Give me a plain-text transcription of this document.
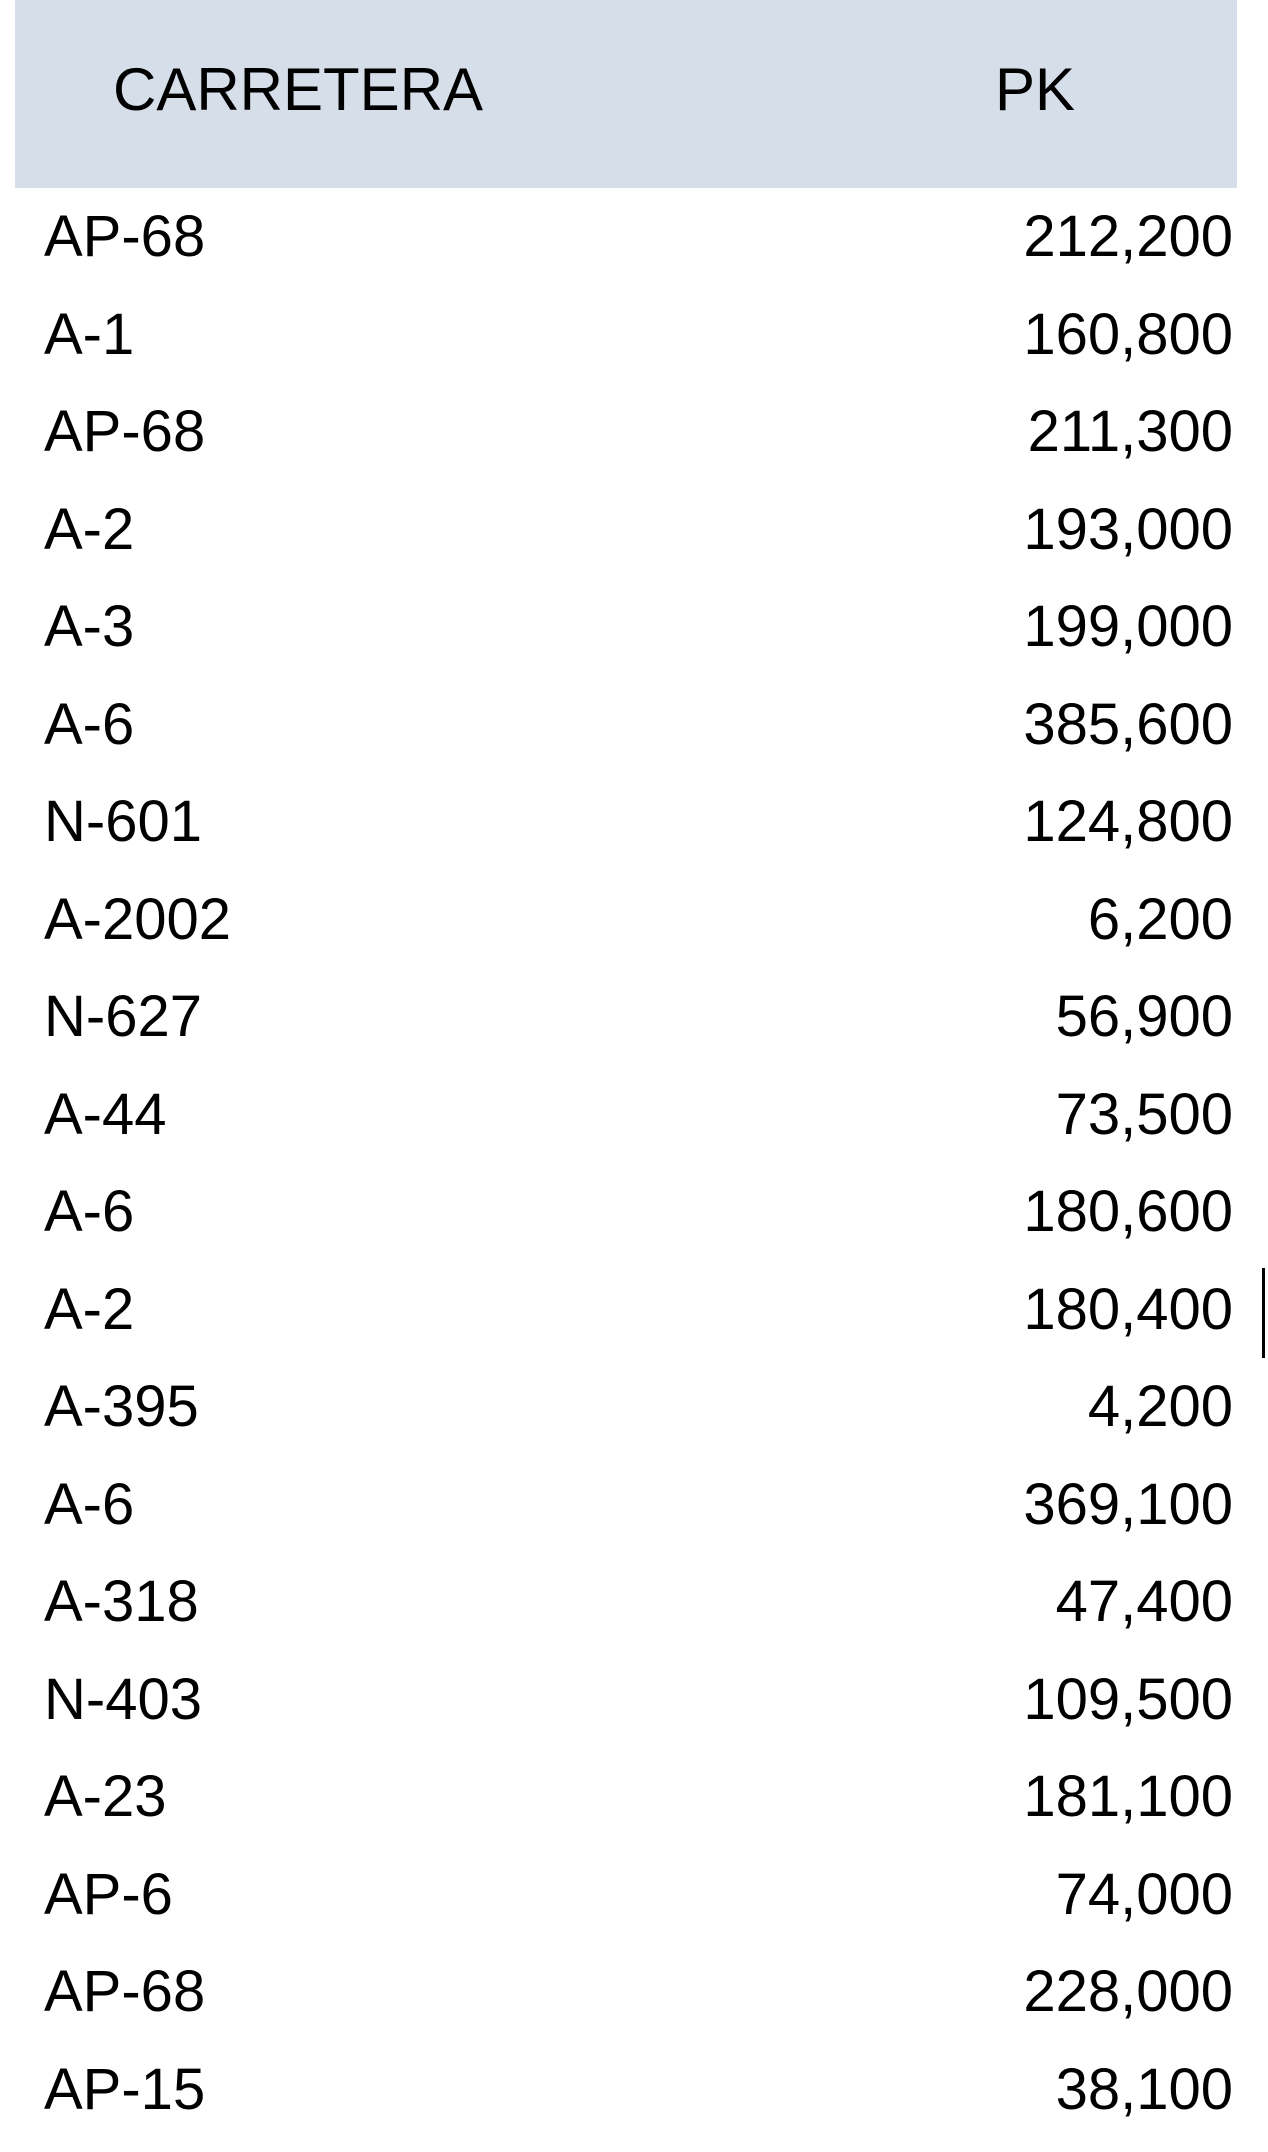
CARRETERA	PK
AP-68	212,200
A-1	160,800
AP-68	211,300
A-2	193,000
A-3	199,000
A-6	385,600
N-601	124,800
A-2002	6,200
N-627	56,900
A-44	73,500
A-6	180,600
A-2	180,400
A-395	4,200
A-6	369,100
A-318	47,400
N-403	109,500
A-23	181,100
AP-6	74,000
AP-68	228,000
AP-15	38,100
